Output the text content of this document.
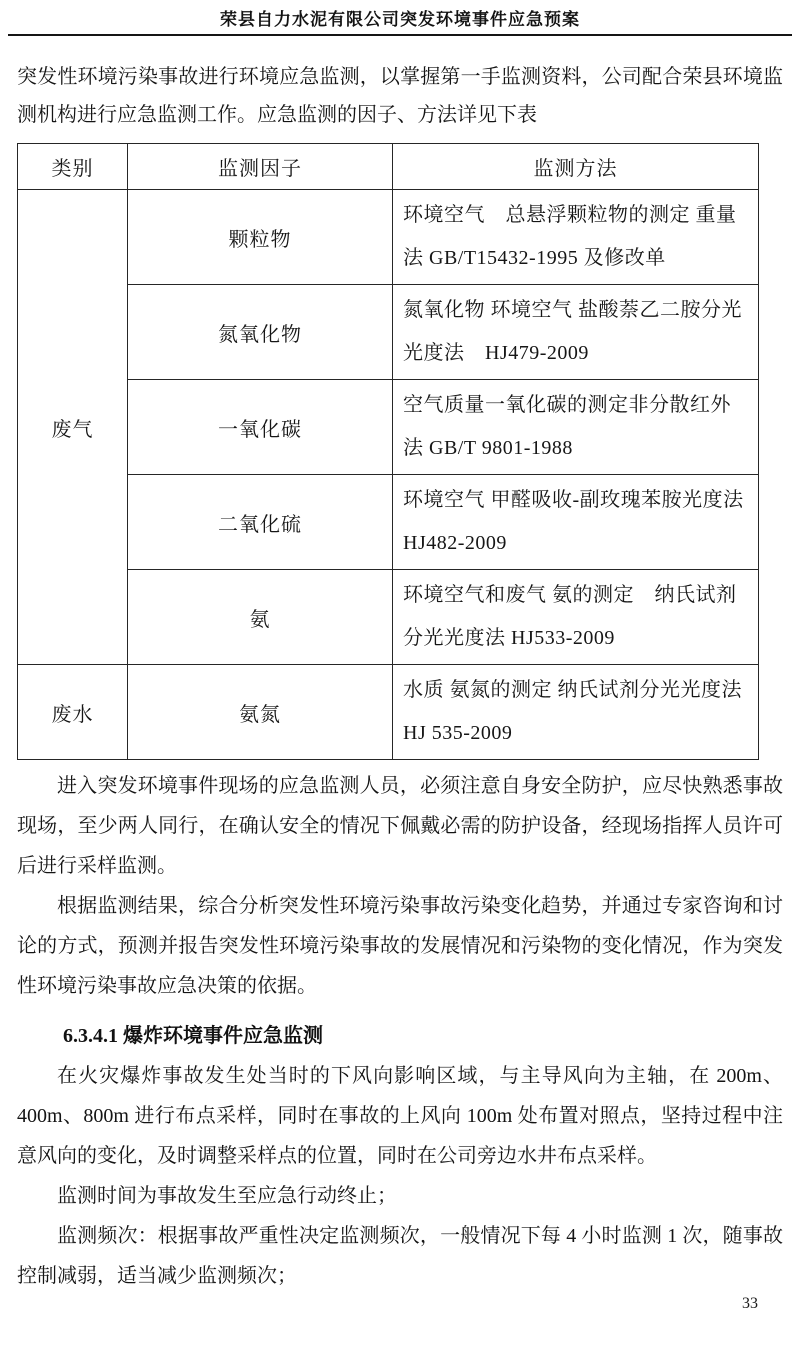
荣县自力水泥有限公司突发环境事件应急预案

突发性环境污染事故进行环境应急监测，以掌握第一手监测资料，公司配合荣县环境监测机构进行应急监测工作。应急监测的因子、方法详见下表

类别	监测因子	监测方法
废气	颗粒物	环境空气　总悬浮颗粒物的测定 重量法 GB/T15432-1995 及修改单
	氮氧化物	氮氧化物 环境空气 盐酸萘乙二胺分光光度法　HJ479-2009
	一氧化碳	空气质量一氧化碳的测定非分散红外法 GB/T 9801-1988
	二氧化硫	环境空气 甲醛吸收-副玫瑰苯胺光度法 HJ482-2009
	氨	环境空气和废气 氨的测定　纳氏试剂分光光度法 HJ533-2009
废水	氨氮	水质 氨氮的测定 纳氏试剂分光光度法 HJ 535-2009

进入突发环境事件现场的应急监测人员，必须注意自身安全防护，应尽快熟悉事故现场，至少两人同行，在确认安全的情况下佩戴必需的防护设备，经现场指挥人员许可后进行采样监测。

根据监测结果，综合分析突发性环境污染事故污染变化趋势，并通过专家咨询和讨论的方式，预测并报告突发性环境污染事故的发展情况和污染物的变化情况，作为突发性环境污染事故应急决策的依据。

6.3.4.1 爆炸环境事件应急监测

在火灾爆炸事故发生处当时的下风向影响区域，与主导风向为主轴，在 200m、400m、800m 进行布点采样，同时在事故的上风向 100m 处布置对照点，坚持过程中注意风向的变化，及时调整采样点的位置，同时在公司旁边水井布点采样。

监测时间为事故发生至应急行动终止；

监测频次：根据事故严重性决定监测频次，一般情况下每 4 小时监测 1 次，随事故控制减弱，适当减少监测频次；

33
